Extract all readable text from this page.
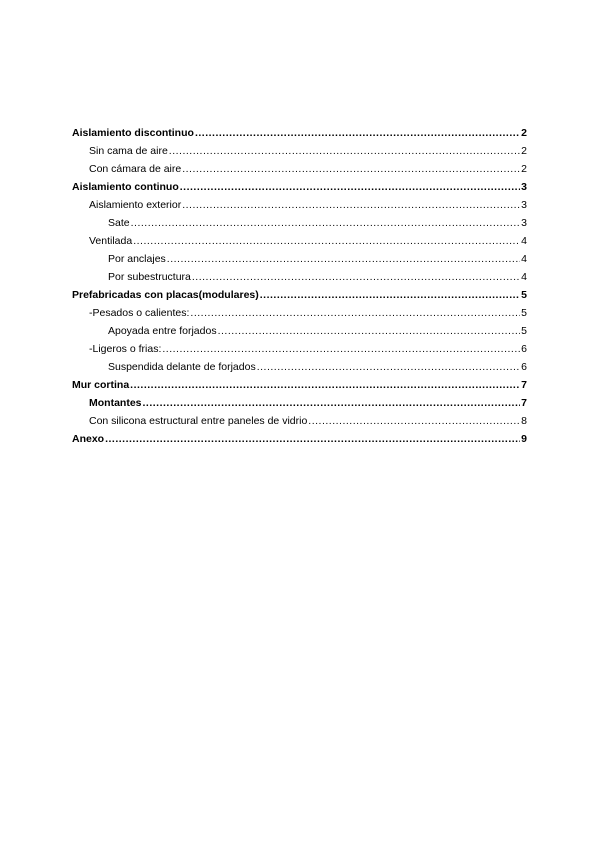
Aislamiento discontinuo .....	2
Sin cama de aire .....	2
Con cámara de aire .....	2
Aislamiento continuo .....	3
Aislamiento exterior .....	3
Sate .....	3
Ventilada .....	4
Por anclajes .....	4
Por subestructura .....	4
Prefabricadas con placas(modulares) .....	5
-Pesados o calientes: .....	5
Apoyada entre forjados .....	5
-Ligeros o frias: .....	6
Suspendida delante de forjados .....	6
Mur cortina .....	7
Montantes .....	7
Con silicona estructural entre paneles de vidrio .....	8
Anexo .....	9
